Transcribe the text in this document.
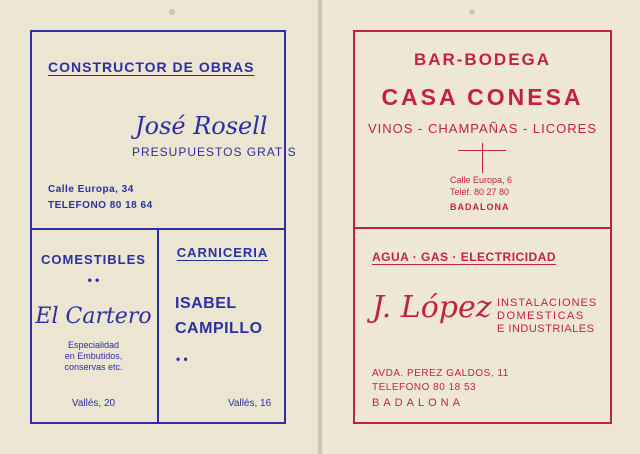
CONSTRUCTOR DE OBRAS
José Rosell
PRESUPUESTOS GRATIS
Calle Europa, 34
TELEFONO 80 18 64
COMESTIBLES
• •
El Cartero
Especialidad
en Embutidos,
conservas etc.
Vallés, 20
CARNICERIA
ISABEL
CAMPILLO
• •
Vallés, 16
BAR-BODEGA
CASA CONESA
VINOS - CHAMPAÑAS - LICORES
Calle Europa, 6
Teléf. 80 27 80
BADALONA
AGUA · GAS · ELECTRICIDAD
J. López INSTALACIONES
DOMESTICAS
E INDUSTRIALES
AVDA. PEREZ GALDOS, 11
TELEFONO 80 18 53
BADALONA
